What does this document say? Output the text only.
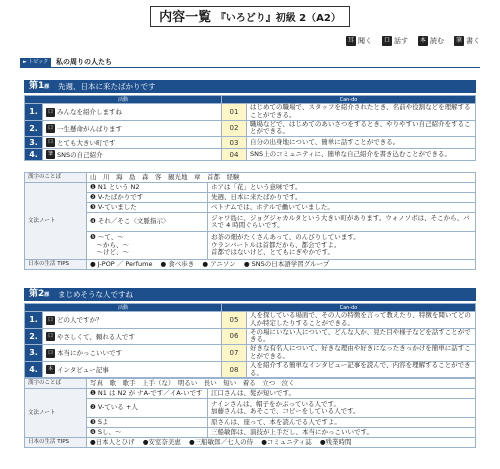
内容一覧 『いろどり』初級 2（A2）
耳 聞く	口 話す	本 読む	筆 書く
► トピック	私の周りの人たち
第1課 先週、日本に来たばかりです
活動		Can-do	
1.	口 みんなを紹介しますね	01	はじめての職場で、スタッフを紹介されたとき、名前や役割などを理解することができる。
2.	口 一生懸命がんばります	02	職場などで、はじめてのあいさつをするとき、やりやすい自己紹介をすることができる。
3.	口 とても大きい町です	03	自分の出身地について、簡単に話すことができる。
4.	筆 SNSの自己紹介	04	SNS上のコミュニティに、簡単な自己紹介を書き込むことができる。
漢字のことば	山　川　海　島　森　客　観光地　章　首都　経験	
文法ノート	❶ N1 という N2	ホアは「花」という意味です。
	❷ V-たばかりです	先週、日本に来たばかりです。
	❸ V-ていました	ベトナムでは、ホテルで働いていました。
	❹ それ／そこ〈文脈指示〉	ジャワ島に、ジョグジャカルタという大きい町があります。ウォノソボは、そこから、バスで 4 時間ぐらいです。
	❺ ～て、～
　～から、～
　～けど、～	お茶の畑がたくさんあって、のんびりしています。
ウランバートルは首都だから、都会ですよ。
首都ではないけど、とてもにぎやかです。
日本の生活 TIPS	● J-POP ／ Perfume ● 食べ歩き ● アニソン ● SNSの日本語学習グループ	
第2課 まじめそうな人ですね
活動		Can-do	
1.	口 どの人ですか？	05	人を探している場面で、その人の特徴を言って教えたり、特徴を聞いてどの人か特定したりすることができる。
2.	口 やさしくて、頼れる人です	06	その場にいない人について、どんな人か、見た目や様子などを話すことができる。
3.	口 本当にかっこいいです	07	好きな有名人について、好きな理由や好きになったきっかけを簡単に話すことができる。
4.	本 インタビュー記事	08	人を紹介する簡単なインタビュー記事を読んで、内容を理解することができる。
漢字のことば	写真　歌　歌手　上手（な）　明るい　長い　短い　着る　立つ　泣く	
文法ノート	❶ N1 は N2 が ナA-です／イA-いです	江口さんは、髪が短いです。
	❷ V-ている +人	ナインさんは、帽子をかぶっている人です。
加藤さんは、あそこで、コピーをしている人です。
	❸ Sよ	原さんは、座って、本を読んでる人ですよ。
	❹ Sし、～	三船敏郎は、演技が上手だし、本当にかっこいいです。
日本の生活 TIPS	●日本人とひげ ●安室奈美恵 ●三船敏郎／七人の侍 ●コミュニティ誌 ●残業時間	
